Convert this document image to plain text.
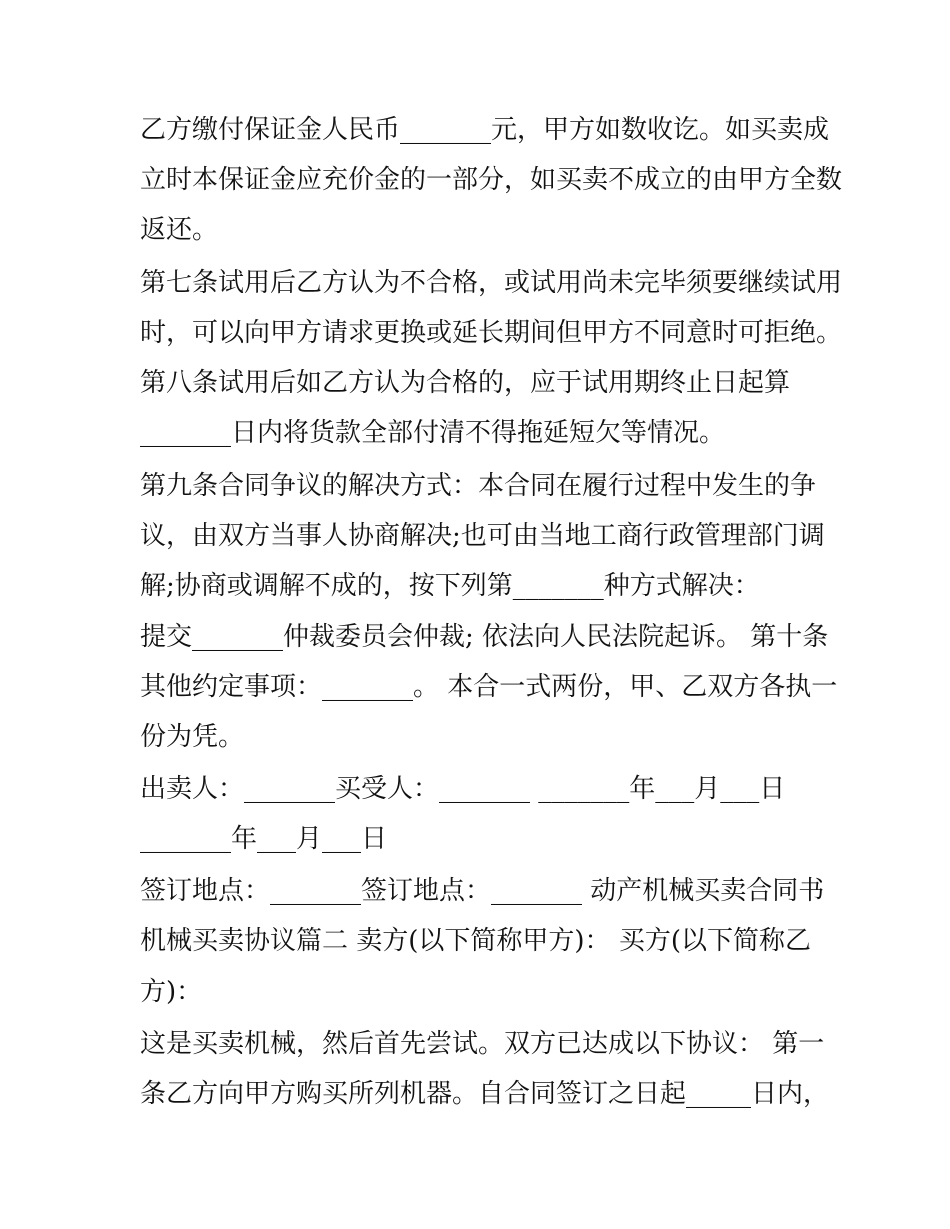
乙方缴付保证金人民币_______元，甲方如数收讫。如买卖成
立时本保证金应充价金的一部分，如买卖不成立的由甲方全数
返还。
第七条试用后乙方认为不合格，或试用尚未完毕须要继续试用
时，可以向甲方请求更换或延长期间但甲方不同意时可拒绝。
第八条试用后如乙方认为合格的，应于试用期终止日起算
_______日内将货款全部付清不得拖延短欠等情况。
第九条合同争议的解决方式：本合同在履行过程中发生的争
议，由双方当事人协商解决;也可由当地工商行政管理部门调
解;协商或调解不成的，按下列第_______种方式解决：
提交_______仲裁委员会仲裁; 依法向人民法院起诉。 第十条
其他约定事项：_______。 本合一式两份，甲、乙双方各执一
份为凭。
出卖人：_______买受人：_______ _______年___月___日
_______年___月___日
签订地点：_______签订地点：_______ 动产机械买卖合同书
机械买卖协议篇二 卖方(以下简称甲方)： 买方(以下简称乙
方)：
这是买卖机械，然后首先尝试。双方已达成以下协议： 第一
条乙方向甲方购买所列机器。自合同签订之日起_____日内，
